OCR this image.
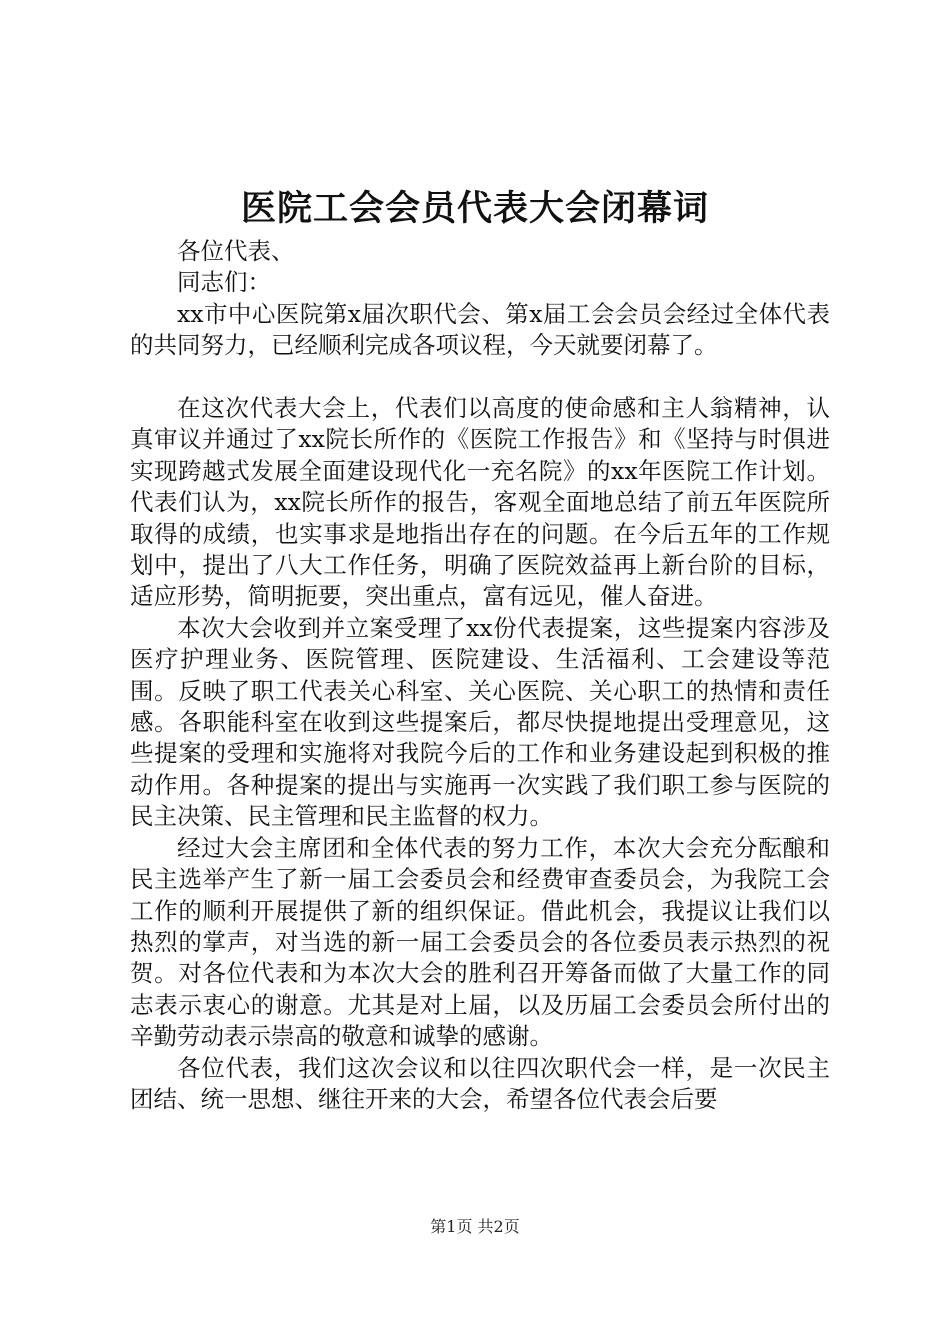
医院工会会员代表大会闭幕词

各位代表、

同志们：

xx市中心医院第x届次职代会、第x届工会会员会经过全体代表的共同努力，已经顺利完成各项议程，今天就要闭幕了。

在这次代表大会上，代表们以高度的使命感和主人翁精神，认真审议并通过了xx院长所作的《医院工作报告》和《坚持与时俱进实现跨越式发展全面建设现代化一充名院》的xx年医院工作计划。代表们认为，xx院长所作的报告，客观全面地总结了前五年医院所取得的成绩，也实事求是地指出存在的问题。在今后五年的工作规划中，提出了八大工作任务，明确了医院效益再上新台阶的目标，适应形势，简明扼要，突出重点，富有远见，催人奋进。

本次大会收到并立案受理了xx份代表提案，这些提案内容涉及医疗护理业务、医院管理、医院建设、生活福利、工会建设等范围。反映了职工代表关心科室、关心医院、关心职工的热情和责任感。各职能科室在收到这些提案后，都尽快提地提出受理意见，这些提案的受理和实施将对我院今后的工作和业务建设起到积极的推动作用。各种提案的提出与实施再一次实践了我们职工参与医院的民主决策、民主管理和民主监督的权力。

经过大会主席团和全体代表的努力工作，本次大会充分酝酿和民主选举产生了新一届工会委员会和经费审查委员会，为我院工会工作的顺利开展提供了新的组织保证。借此机会，我提议让我们以热烈的掌声，对当选的新一届工会委员会的各位委员表示热烈的祝贺。对各位代表和为本次大会的胜利召开筹备而做了大量工作的同志表示衷心的谢意。尤其是对上届，以及历届工会委员会所付出的辛勤劳动表示崇高的敬意和诚挚的感谢。

各位代表，我们这次会议和以往四次职代会一样，是一次民主团结、统一思想、继往开来的大会，希望各位代表会后要

第1页 共2页
